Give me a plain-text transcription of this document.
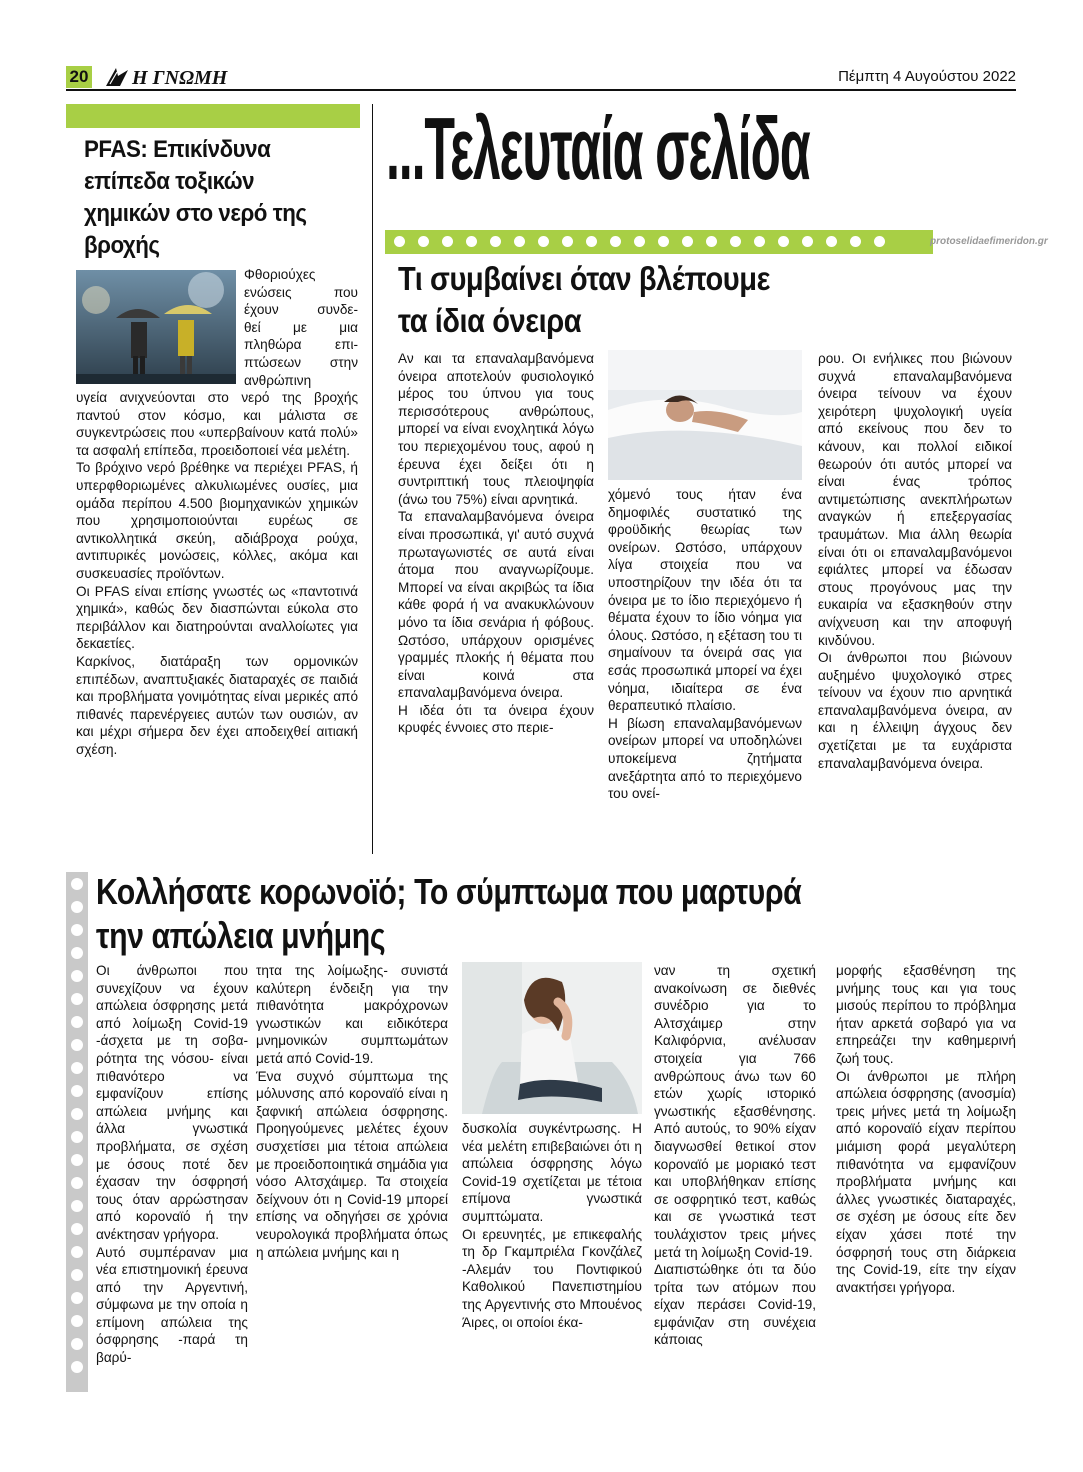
20 Η ΓΝΩΜΗ	Πέμπτη 4 Αυγούστου 2022
PFAS: Επικίνδυνα επίπεδα τοξικών χημικών στο νερό της βροχής
Φθοριούχες
ενώσεις που
έχουν συνδε-
θεί με μια
πληθώρα επι-
πτώσεων στην
ανθρώπινη

υγεία ανιχνεύονται στο νερό της βροχής παντού στον κόσμο, και μάλιστα σε συγκεντρώσεις που «υπερβαίνουν κατά πολύ» τα ασφαλή επίπεδα, προειδοποιεί νέα μελέτη.

Το βρόχινο νερό βρέθηκε να περιέχει PFAS, ή υπερφθοριωμένες αλκυλιωμένες ουσίες, μια ομάδα περίπου 4.500 βιομηχανικών χημικών που χρησιμοποιούνται ευρέως σε αντικολλητικά σκεύη, αδιάβροχα ρούχα, αντιπυρικές μονώσεις, κόλλες, ακόμα και συσκευασίες προϊόντων.

Οι PFAS είναι επίσης γνωστές ως «παντοτινά χημικά», καθώς δεν διασπώνται εύκολα στο περιβάλλον και διατηρούνται αναλλοίωτες για δεκαετίες.

Καρκίνος, διατάραξη των ορμονικών επιπέδων, αναπτυξιακές διαταραχές σε παιδιά και προβλήματα γονιμότητας είναι μερικές από πιθανές παρενέργειες αυτών των ουσιών, αν και μέχρι σήμερα δεν έχει αποδειχθεί αιτιακή σχέση.

...Τελευταία σελίδα
protoselidaefimeridon.gr
Τι συμβαίνει όταν βλέπουμε
τα ίδια όνειρα

Αν και τα επαναλαμβανόμενα όνειρα αποτελούν φυσιολογικό μέρος του ύπνου για τους περισσότερους ανθρώπους, μπορεί να είναι ενοχλητικά λόγω του περιεχομένου τους, αφού η έρευνα έχει δείξει ότι η συντριπτική τους πλειοψηφία (άνω του 75%) είναι αρνητικά.

Τα επαναλαμβανόμενα όνειρα είναι προσωπικά, γι' αυτό συχνά πρωταγωνιστές σε αυτά είναι άτομα που αναγνωρίζουμε. Μπορεί να είναι ακριβώς τα ίδια κάθε φορά ή να ανακυκλώνουν μόνο τα ίδια σενάρια ή φόβους. Ωστόσο, υπάρχουν ορισμένες γραμμές πλοκής ή θέματα που είναι κοινά στα επαναλαμβανόμενα όνειρα.

Η ιδέα ότι τα όνειρα έχουν κρυφές έννοιες στο περιε-

χόμενό τους ήταν ένα δημοφιλές συστατικό της φροϋδικής θεωρίας των ονείρων. Ωστόσο, υπάρχουν λίγα στοιχεία που να υποστηρίζουν την ιδέα ότι τα όνειρα με το ίδιο περιεχόμενο ή θέματα έχουν το ίδιο νόημα για όλους. Ωστόσο, η εξέταση του τι σημαίνουν τα όνειρά σας για εσάς προσωπικά μπορεί να έχει νόημα, ιδιαίτερα σε ένα θεραπευτικό πλαίσιο.

Η βίωση επαναλαμβανόμενων ονείρων μπορεί να υποδηλώνει υποκείμενα ζητήματα ανεξάρτητα από το περιεχόμενο του ονεί-

ρου. Οι ενήλικες που βιώνουν συχνά επαναλαμβανόμενα όνειρα τείνουν να έχουν χειρότερη ψυχολογική υγεία από εκείνους που δεν το κάνουν, και πολλοί ειδικοί θεωρούν ότι αυτός μπορεί να είναι ένας τρόπος αντιμετώπισης ανεκπλήρωτων αναγκών ή επεξεργασίας τραυμάτων. Μια άλλη θεωρία είναι ότι οι επαναλαμβανόμενοι εφιάλτες μπορεί να έδωσαν στους προγόνους μας την ευκαιρία να εξασκηθούν στην ανίχνευση και την αποφυγή κινδύνου.

Οι άνθρωποι που βιώνουν αυξημένο ψυχολογικό στρες τείνουν να έχουν πιο αρνητικά επαναλαμβανόμενα όνειρα, αν και η έλλειψη άγχους δεν σχετίζεται με τα ευχάριστα επαναλαμβανόμενα όνειρα.

Κολλήσατε κορωνοϊό; Το σύμπτωμα που μαρτυρά
την απώλεια μνήμης

Οι άνθρωποι που συνεχίζουν να έχουν απώλεια όσφρησης μετά από λοίμωξη Covid-19 -άσχετα με τη σοβα- ρότητα της νόσου- είναι πιθανότερο να εμφανίζουν επίσης απώλεια μνήμης και άλλα γνωστικά προβλήματα, σε σχέση με όσους ποτέ δεν έχασαν την όσφρησή τους όταν αρρώστησαν από κοροναϊό ή την ανέκτησαν γρήγορα.

Αυτό συμπέραναν μια νέα επιστημονική έρευνα από την Αργεντινή, σύμφωνα με την οποία η επίμονη απώλεια της όσφρησης -παρά τη βαρύ-

τητα της λοίμωξης- συνιστά καλύτερη ένδειξη για την πιθανότητα μακρόχρονων γνωστικών και ειδικότερα μνημονικών συμπτωμάτων μετά από Covid-19.

Ένα συχνό σύμπτωμα της μόλυνσης από κοροναϊό είναι η ξαφνική απώλεια όσφρησης. Προηγούμενες μελέτες έχουν συσχετίσει μια τέτοια απώλεια με προειδοποιητικά σημάδια για νόσο Αλτσχάιμερ. Τα στοιχεία δείχνουν ότι η Covid-19 μπορεί επίσης να οδηγήσει σε χρόνια νευρολογικά προβλήματα όπως η απώλεια μνήμης και η

δυσκολία συγκέντρωσης. Η νέα μελέτη επιβεβαιώνει ότι η απώλεια όσφρησης λόγω Covid-19 σχετίζεται με τέτοια επίμονα γνωστικά συμπτώματα.

Οι ερευνητές, με επικεφαλής τη δρ Γκαμπριέλα Γκονζάλεζ -Αλεμάν του Ποντιφικού Καθολικού Πανεπιστημίου της Αργεντινής στο Μπουένος Άιρες, οι οποίοι έκα-

ναν τη σχετική ανακοίνωση σε διεθνές συνέδριο για το Αλτσχάιμερ στην Καλιφόρνια, ανέλυσαν στοιχεία για 766 ανθρώπους άνω των 60 ετών χωρίς ιστορικό γνωστικής εξασθένησης. Από αυτούς, το 90% είχαν διαγνωσθεί θετικοί στον κοροναϊό με μοριακό τεστ και υποβλήθηκαν επίσης σε οσφρητικό τεστ, καθώς και σε γνωστικά τεστ τουλάχιστον τρεις μήνες μετά τη λοίμωξη Covid-19.

Διαπιστώθηκε ότι τα δύο τρίτα των ατόμων που είχαν περάσει Covid-19, εμφάνιζαν στη συνέχεια κάποιας

μορφής εξασθένηση της μνήμης τους και για τους μισούς περίπου το πρόβλημα ήταν αρκετά σοβαρό για να επηρεάζει την καθημερινή ζωή τους.

Οι άνθρωποι με πλήρη απώλεια όσφρησης (ανοσμία) τρεις μήνες μετά τη λοίμωξη από κοροναϊό είχαν περίπου μιάμιση φορά μεγαλύτερη πιθανότητα να εμφανίζουν προβλήματα μνήμης και άλλες γνωστικές διαταραχές, σε σχέση με όσους είτε δεν είχαν χάσει ποτέ την όσφρησή τους στη διάρκεια της Covid-19, είτε την είχαν ανακτήσει γρήγορα.
